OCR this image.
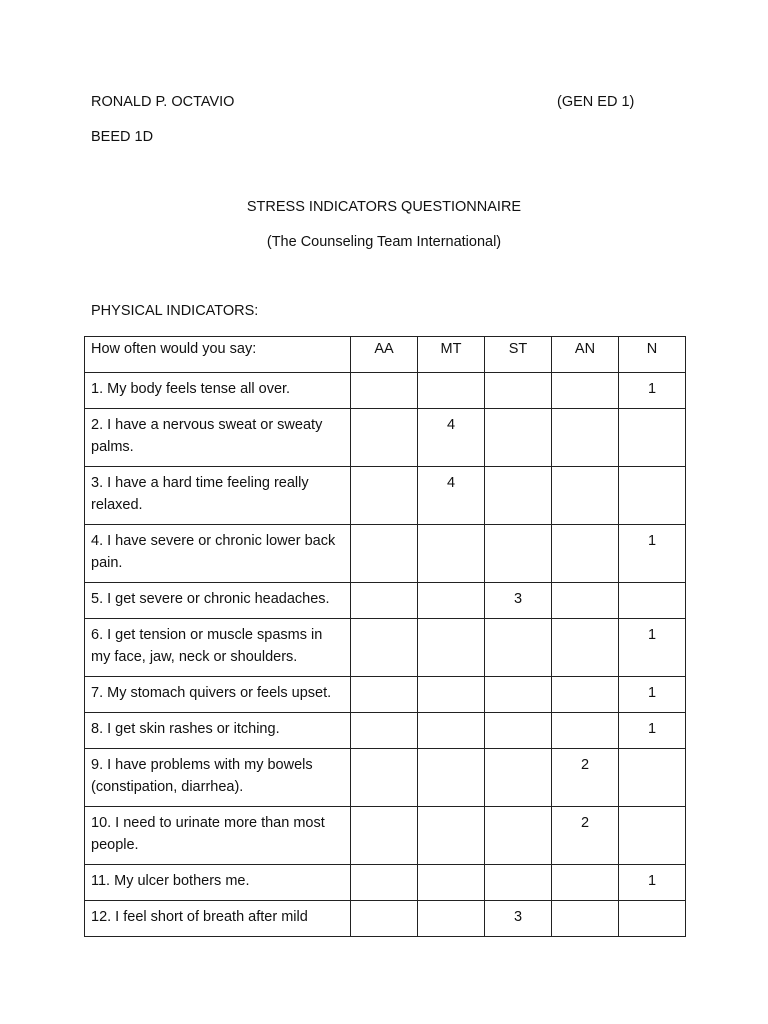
RONALD P. OCTAVIO	(GEN ED 1)
BEED 1D
STRESS INDICATORS QUESTIONNAIRE
(The Counseling Team International)
PHYSICAL INDICATORS:
How often would you say:	AA	MT	ST	AN	N
1. My body feels tense all over.					1
2. I have a nervous sweat or sweaty palms.		4			
3. I have a hard time feeling really relaxed.		4			
4. I have severe or chronic lower back pain.					1
5. I get severe or chronic headaches.			3		
6. I get tension or muscle spasms in my face, jaw, neck or shoulders.					1
7. My stomach quivers or feels upset.					1
8. I get skin rashes or itching.					1
9. I have problems with my bowels (constipation, diarrhea).				2	
10. I need to urinate more than most people.				2	
11. My ulcer bothers me.					1
12. I feel short of breath after mild			3		
